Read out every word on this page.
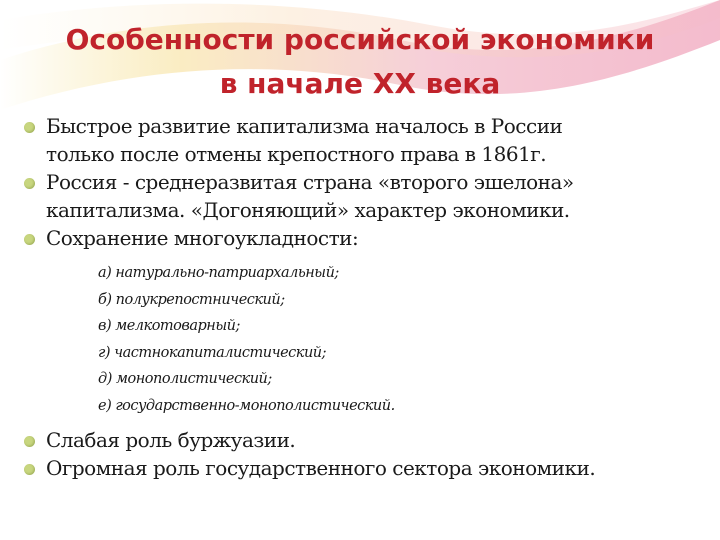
Особенности российской экономики
в начале XX века
Быстрое развитие капитализма началось в России
только после отмены крепостного права в 1861г.
Россия - среднеразвитая страна «второго эшелона»
капитализма. «Догоняющий» характер экономики.
Сохранение многоукладности:
а) натурально-патриархальный;
б) полукрепостнический;
в) мелкотоварный;
г) частнокапиталистический;
д) монополистический;
е) государственно-монополистический.
Слабая роль буржуазии.
Огромная роль государственного сектора экономики.
